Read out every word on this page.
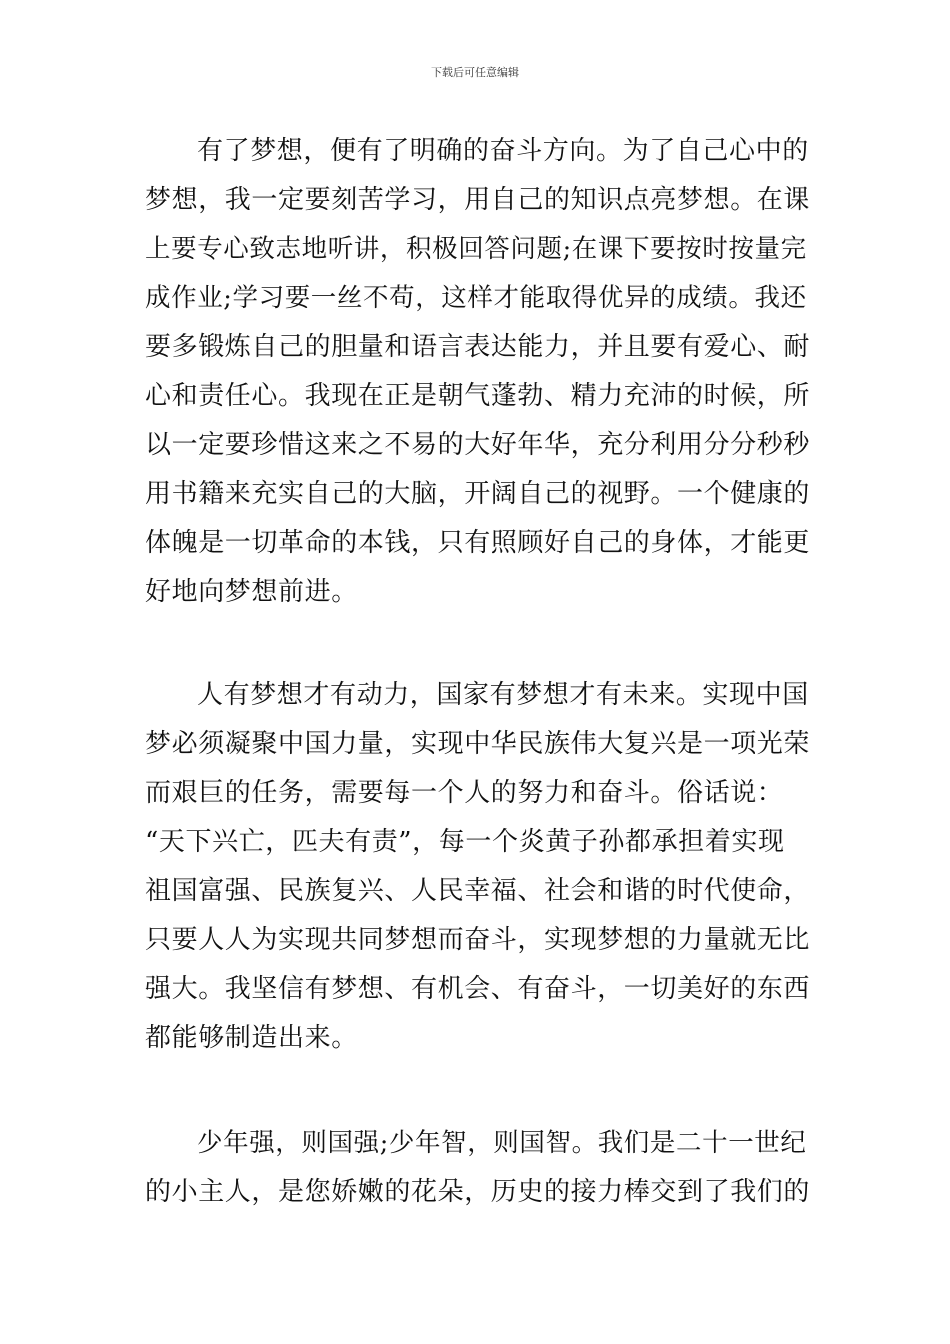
下载后可任意编辑
有了梦想，便有了明确的奋斗方向。为了自己心中的
梦想，我一定要刻苦学习，用自己的知识点亮梦想。在课
上要专心致志地听讲，积极回答问题;在课下要按时按量完
成作业;学习要一丝不苟，这样才能取得优异的成绩。我还
要多锻炼自己的胆量和语言表达能力，并且要有爱心、耐
心和责任心。我现在正是朝气蓬勃、精力充沛的时候，所
以一定要珍惜这来之不易的大好年华，充分利用分分秒秒
用书籍来充实自己的大脑，开阔自己的视野。一个健康的
体魄是一切革命的本钱，只有照顾好自己的身体，才能更
好地向梦想前进。
人有梦想才有动力，国家有梦想才有未来。实现中国
梦必须凝聚中国力量，实现中华民族伟大复兴是一项光荣
而艰巨的任务，需要每一个人的努力和奋斗。俗话说：
“天下兴亡，匹夫有责”，每一个炎黄子孙都承担着实现
祖国富强、民族复兴、人民幸福、社会和谐的时代使命，
只要人人为实现共同梦想而奋斗，实现梦想的力量就无比
强大。我坚信有梦想、有机会、有奋斗，一切美好的东西
都能够制造出来。
少年强，则国强;少年智，则国智。我们是二十一世纪
的小主人，是您娇嫩的花朵，历史的接力棒交到了我们的
